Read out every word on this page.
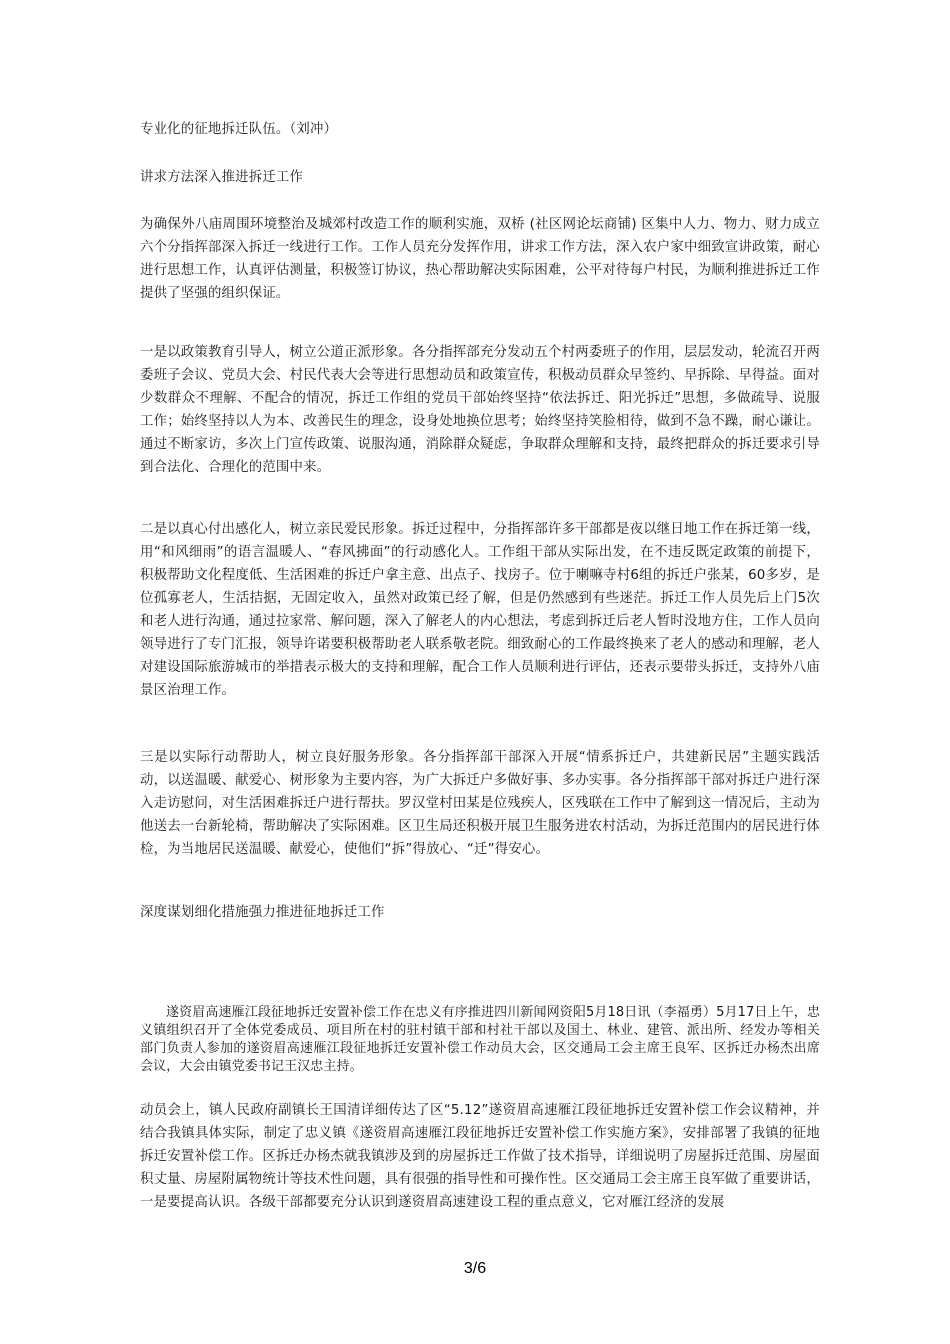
专业化的征地拆迁队伍。（刘冲）

讲求方法深入推进拆迁工作

为确保外八庙周围环境整治及城郊村改造工作的顺利实施，双桥 (社区网论坛商铺) 区集中人力、物力、财力成立六个分指挥部深入拆迁一线进行工作。工作人员充分发挥作用，讲求工作方法，深入农户家中细致宣讲政策，耐心进行思想工作，认真评估测量，积极签订协议，热心帮助解决实际困难，公平对待每户村民，为顺利推进拆迁工作提供了坚强的组织保证。

一是以政策教育引导人，树立公道正派形象。各分指挥部充分发动五个村两委班子的作用，层层发动，轮流召开两委班子会议、党员大会、村民代表大会等进行思想动员和政策宣传，积极动员群众早签约、早拆除、早得益。面对少数群众不理解、不配合的情况，拆迁工作组的党员干部始终坚持“依法拆迁、阳光拆迁”思想，多做疏导、说服工作；始终坚持以人为本、改善民生的理念，设身处地换位思考；始终坚持笑脸相待，做到不急不躁，耐心谦让。通过不断家访，多次上门宣传政策、说服沟通，消除群众疑虑，争取群众理解和支持，最终把群众的拆迁要求引导到合法化、合理化的范围中来。

二是以真心付出感化人，树立亲民爱民形象。拆迁过程中，分指挥部许多干部都是夜以继日地工作在拆迁第一线，用“和风细雨”的语言温暖人、“春风拂面”的行动感化人。工作组干部从实际出发，在不违反既定政策的前提下，积极帮助文化程度低、生活困难的拆迁户拿主意、出点子、找房子。位于喇嘛寺村6组的拆迁户张某，60多岁，是位孤寡老人，生活拮据，无固定收入，虽然对政策已经了解，但是仍然感到有些迷茫。拆迁工作人员先后上门5次和老人进行沟通，通过拉家常、解问题，深入了解老人的内心想法，考虑到拆迁后老人暂时没地方住，工作人员向领导进行了专门汇报，领导许诺要积极帮助老人联系敬老院。细致耐心的工作最终换来了老人的感动和理解，老人对建设国际旅游城市的举措表示极大的支持和理解，配合工作人员顺利进行评估，还表示要带头拆迁，支持外八庙景区治理工作。

三是以实际行动帮助人，树立良好服务形象。各分指挥部干部深入开展“情系拆迁户，共建新民居”主题实践活动，以送温暖、献爱心、树形象为主要内容，为广大拆迁户多做好事、多办实事。各分指挥部干部对拆迁户进行深入走访慰问，对生活困难拆迁户进行帮扶。罗汉堂村田某是位残疾人，区残联在工作中了解到这一情况后，主动为他送去一台新轮椅，帮助解决了实际困难。区卫生局还积极开展卫生服务进农村活动，为拆迁范围内的居民进行体检，为当地居民送温暖、献爱心，使他们“拆”得放心、“迁”得安心。

深度谋划细化措施强力推进征地拆迁工作

遂资眉高速雁江段征地拆迁安置补偿工作在忠义有序推进四川新闻网资阳5月18日讯（李福勇）5月17日上午，忠义镇组织召开了全体党委成员、项目所在村的驻村镇干部和村社干部以及国土、林业、建管、派出所、经发办等相关部门负责人参加的遂资眉高速雁江段征地拆迁安置补偿工作动员大会，区交通局工会主席王良军、区拆迁办杨杰出席会议，大会由镇党委书记王汉忠主持。

动员会上，镇人民政府副镇长王国清详细传达了区“5.12”遂资眉高速雁江段征地拆迁安置补偿工作会议精神，并结合我镇具体实际，制定了忠义镇《遂资眉高速雁江段征地拆迁安置补偿工作实施方案》，安排部署了我镇的征地拆迁安置补偿工作。区拆迁办杨杰就我镇涉及到的房屋拆迁工作做了技术指导，详细说明了房屋拆迁范围、房屋面积丈量、房屋附属物统计等技术性问题，具有很强的指导性和可操作性。区交通局工会主席王良军做了重要讲话，一是要提高认识。各级干部都要充分认识到遂资眉高速建设工程的重点意义，它对雁江经济的发展

3/6
